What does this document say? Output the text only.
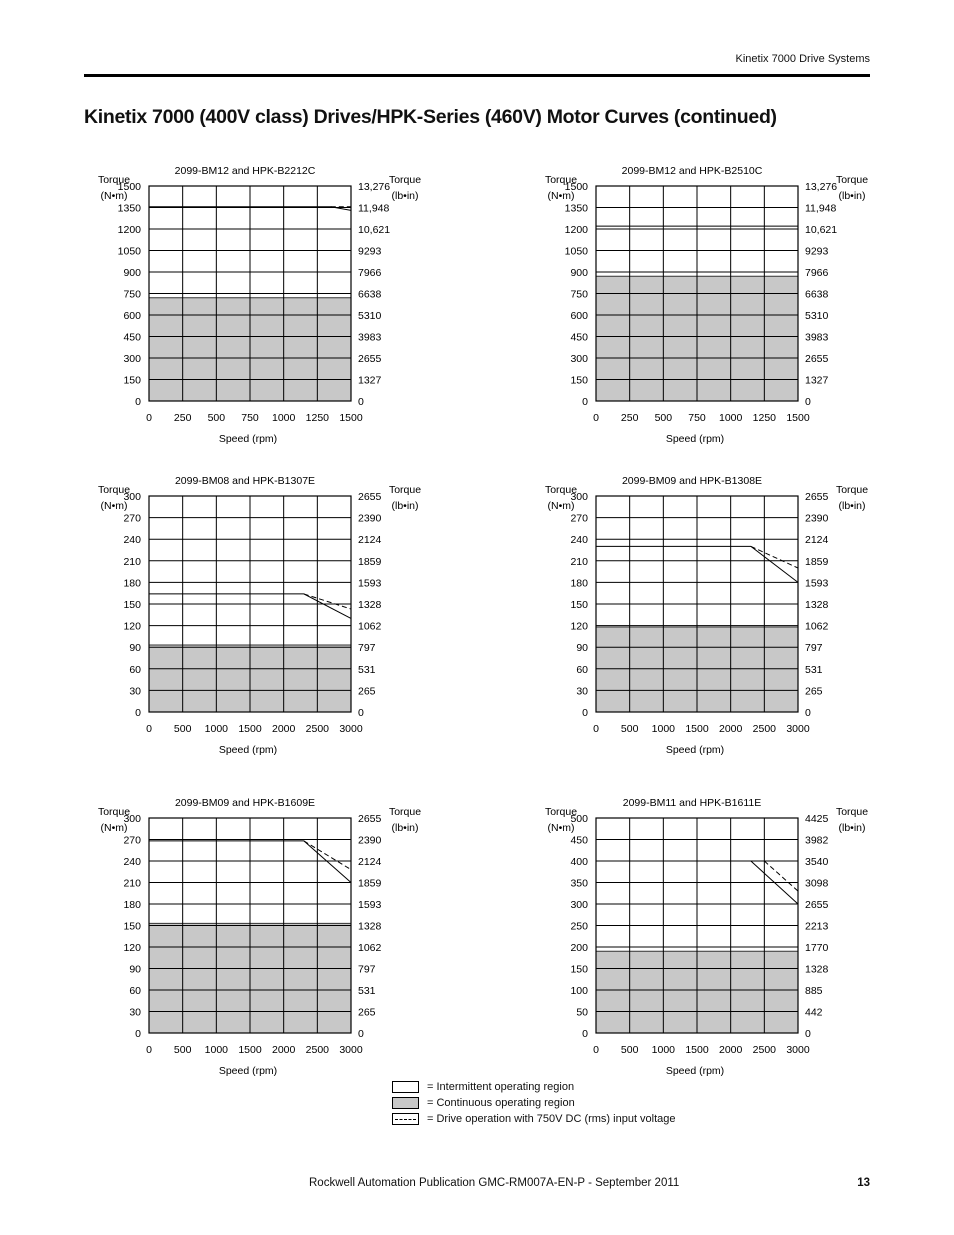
Kinetix 7000 Drive Systems
Kinetix 7000 (400V class) Drives/HPK-Series (460V) Motor Curves (continued)
2099-BM12 and HPK-B2212C
Torque
(N•m)
Torque
(lb•in)
0
150
300
450
600
750
900
1050
1200
1350
1500
0
1327
2655
3983
5310
6638
7966
9293
10,621
11,948
13,276
0 250 500 750 1000 1250 1500
Speed (rpm)
2099-BM12 and HPK-B2510C
Torque
(N•m)
Torque
(lb•in)
0
150
300
450
600
750
900
1050
1200
1350
1500
0
1327
2655
3983
5310
6638
7966
9293
10,621
11,948
13,276
0 250 500 750 1000 1250 1500
Speed (rpm)
2099-BM08 and HPK-B1307E
Torque
(N•m)
Torque
(lb•in)
0
30
60
90
120
150
180
210
240
270
300
0
265
531
797
1062
1328
1593
1859
2124
2390
2655
0 500 1000 1500 2000 2500 3000
Speed (rpm)
2099-BM09 and HPK-B1308E
Torque
(N•m)
Torque
(lb•in)
0
30
60
90
120
150
180
210
240
270
300
0
265
531
797
1062
1328
1593
1859
2124
2390
2655
0 500 1000 1500 2000 2500 3000
Speed (rpm)
2099-BM09 and HPK-B1609E
Torque
(N•m)
Torque
(lb•in)
0
30
60
90
120
150
180
210
240
270
300
0
265
531
797
1062
1328
1593
1859
2124
2390
2655
0 500 1000 1500 2000 2500 3000
Speed (rpm)
2099-BM11 and HPK-B1611E
Torque
(N•m)
Torque
(lb•in)
0
50
100
150
200
250
300
350
400
450
500
0
442
885
1328
1770
2213
2655
3098
3540
3982
4425
0 500 1000 1500 2000 2500 3000
Speed (rpm)
= Intermittent operating region
= Continuous operating region
= Drive operation with 750V DC (rms) input voltage
Rockwell Automation Publication GMC-RM007A-EN-P - September 2011	13
